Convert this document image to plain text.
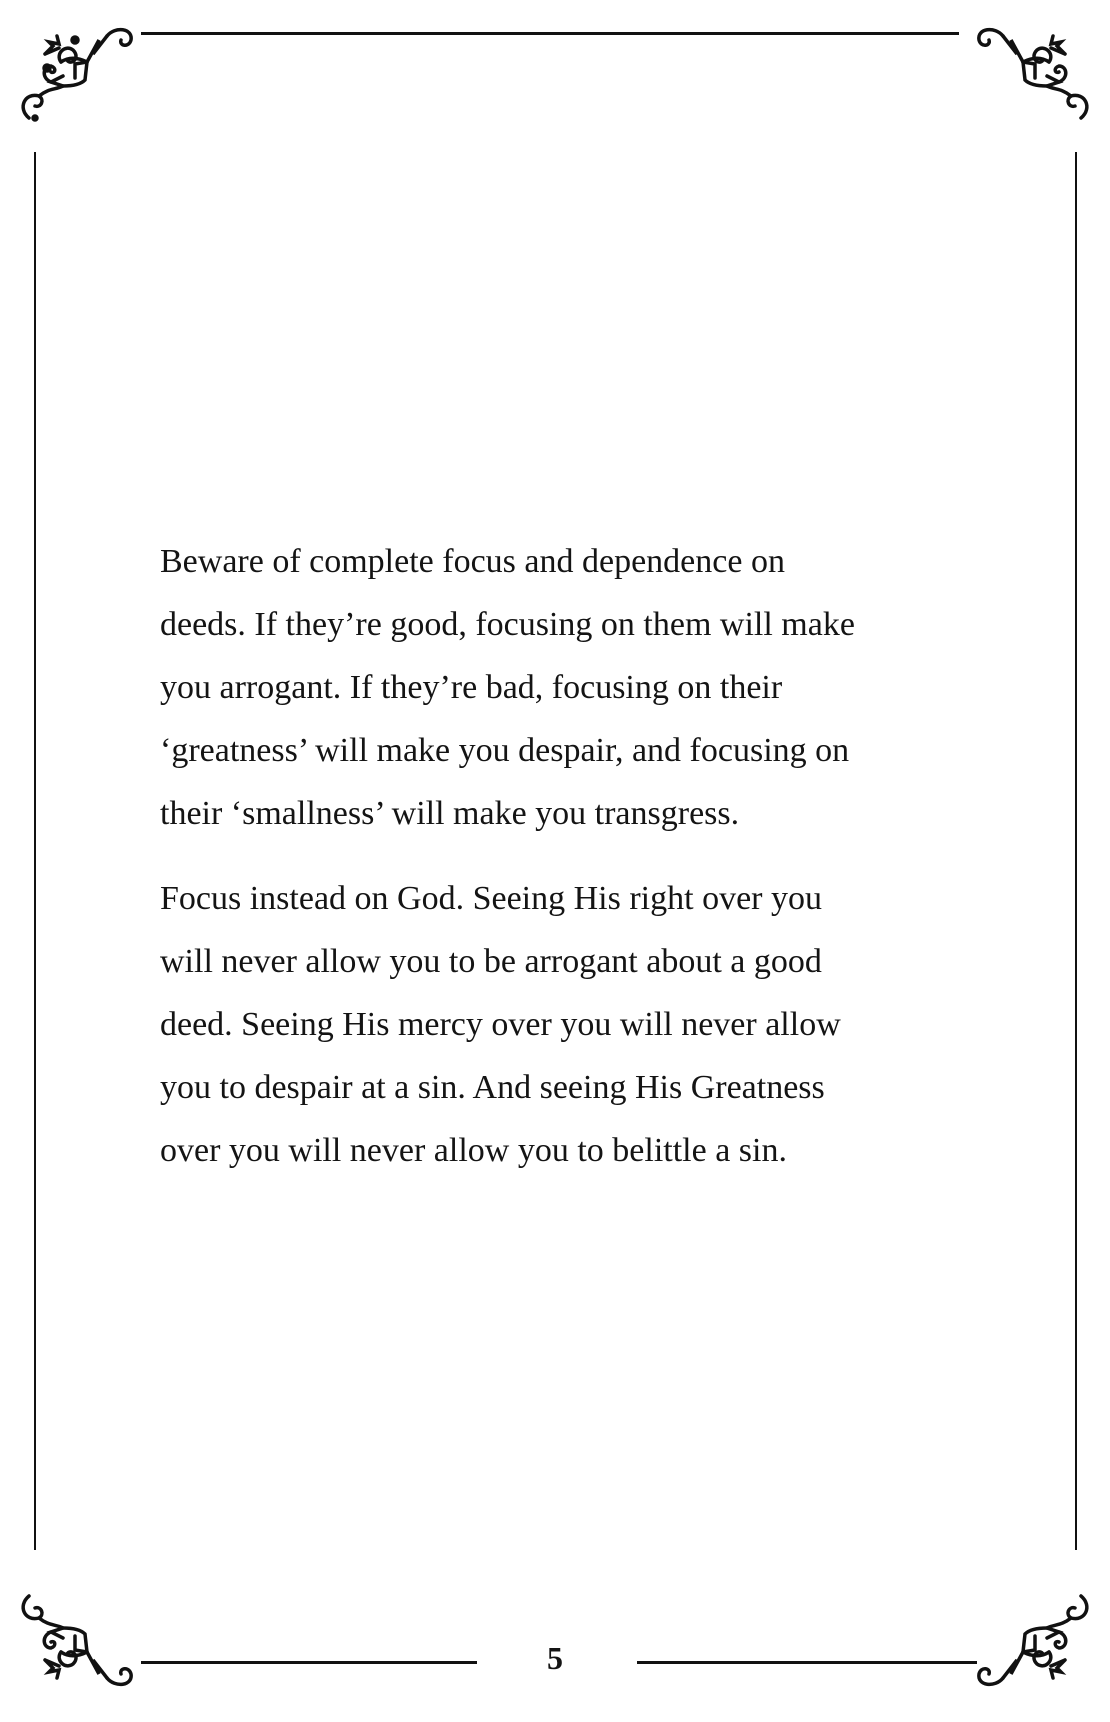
Beware of complete focus and dependence on
deeds. If they’re good, focusing on them will make
you arrogant. If they’re bad, focusing on their
‘greatness’ will make you despair, and focusing on
their ‘smallness’ will make you transgress.

Focus instead on God. Seeing His right over you
will never allow you to be arrogant about a good
deed. Seeing His mercy over you will never allow
you to despair at a sin. And seeing His Greatness
over you will never allow you to belittle a sin.

5
